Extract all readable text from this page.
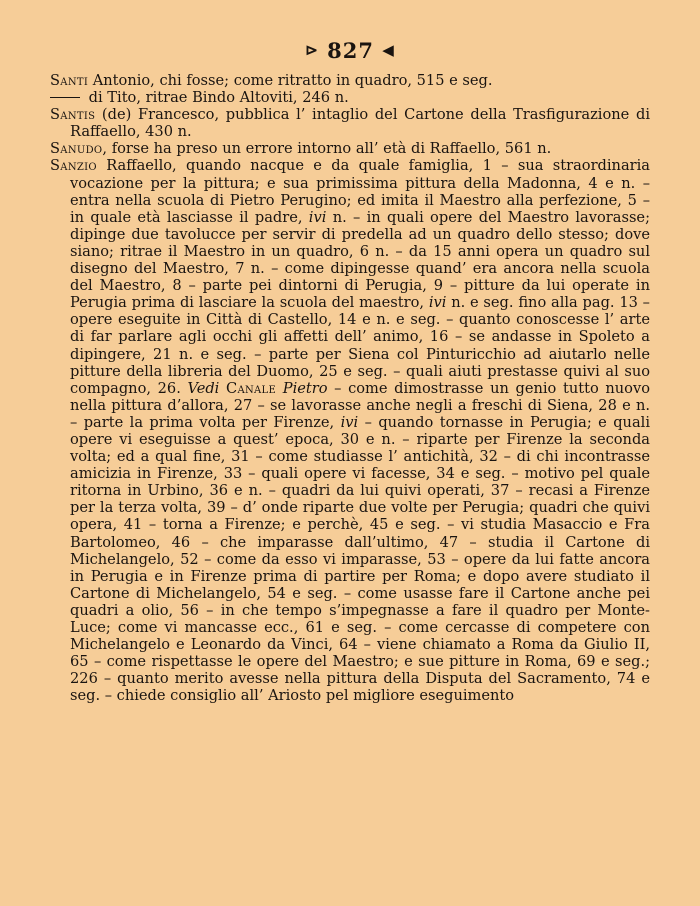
⊳ 827 ◀

Santi Antonio, chi fosse; come ritratto in quadro, 515 e seg.

di Tito, ritrae Bindo Altoviti, 246 n.

Santis (de) Francesco, pubblica l’ intaglio del Cartone della Trasfigurazione di Raffaello, 430 n.

Sanudo, forse ha preso un errore intorno all’ età di Raffaello, 561 n.

Sanzio Raffaello, quando nacque e da quale famiglia, 1 – sua straordinaria vocazione per la pittura; e sua primissima pittura della Madonna, 4 e n. – entra nella scuola di Pietro Perugino; ed imita il Maestro alla perfezione, 5 – in quale età lasciasse il padre, ivi n. – in quali opere del Maestro lavorasse; dipinge due tavolucce per servir di predella ad un quadro dello stesso; dove siano; ritrae il Maestro in un quadro, 6 n. – da 15 anni opera un quadro sul disegno del Maestro, 7 n. – come dipingesse quand’ era ancora nella scuola del Maestro, 8 – parte pei dintorni di Perugia, 9 – pitture da lui operate in Perugia prima di lasciare la scuola del maestro, ivi n. e seg. fino alla pag. 13 – opere eseguite in Città di Castello, 14 e n. e seg. – quanto conoscesse l’ arte di far parlare agli occhi gli affetti dell’ animo, 16 – se andasse in Spoleto a dipingere, 21 n. e seg. – parte per Siena col Pinturicchio ad aiutarlo nelle pitture della libreria del Duomo, 25 e seg. – quali aiuti prestasse quivi al suo compagno, 26. Vedi Canale Pietro – come dimostrasse un genio tutto nuovo nella pittura d’allora, 27 – se lavorasse anche negli a freschi di Siena, 28 e n. – parte la prima volta per Firenze, ivi – quando tornasse in Perugia; e quali opere vi eseguisse a quest’ epoca, 30 e n. – riparte per Firenze la seconda volta; ed a qual fine, 31 – come studiasse l’ antichità, 32 – di chi incontrasse amicizia in Firenze, 33 – quali opere vi facesse, 34 e seg. – motivo pel quale ritorna in Urbino, 36 e n. – quadri da lui quivi operati, 37 – recasi a Firenze per la terza volta, 39 – d’ onde riparte due volte per Perugia; quadri che quivi opera, 41 – torna a Firenze; e perchè, 45 e seg. – vi studia Masaccio e Fra Bartolomeo, 46 – che imparasse dall’ultimo, 47 – studia il Cartone di Michelangelo, 52 – come da esso vi imparasse, 53 – opere da lui fatte ancora in Perugia e in Firenze prima di partire per Roma; e dopo avere studiato il Cartone di Michelangelo, 54 e seg. – come usasse fare il Cartone anche pei quadri a olio, 56 – in che tempo s’impegnasse a fare il quadro per Monte-Luce; come vi mancasse ecc., 61 e seg. – come cercasse di competere con Michelangelo e Leonardo da Vinci, 64 – viene chiamato a Roma da Giulio II, 65 – come rispettasse le opere del Maestro; e sue pitture in Roma, 69 e seg.; 226 – quanto merito avesse nella pittura della Disputa del Sacramento, 74 e seg. – chiede consiglio all’ Ariosto pel migliore eseguimento
